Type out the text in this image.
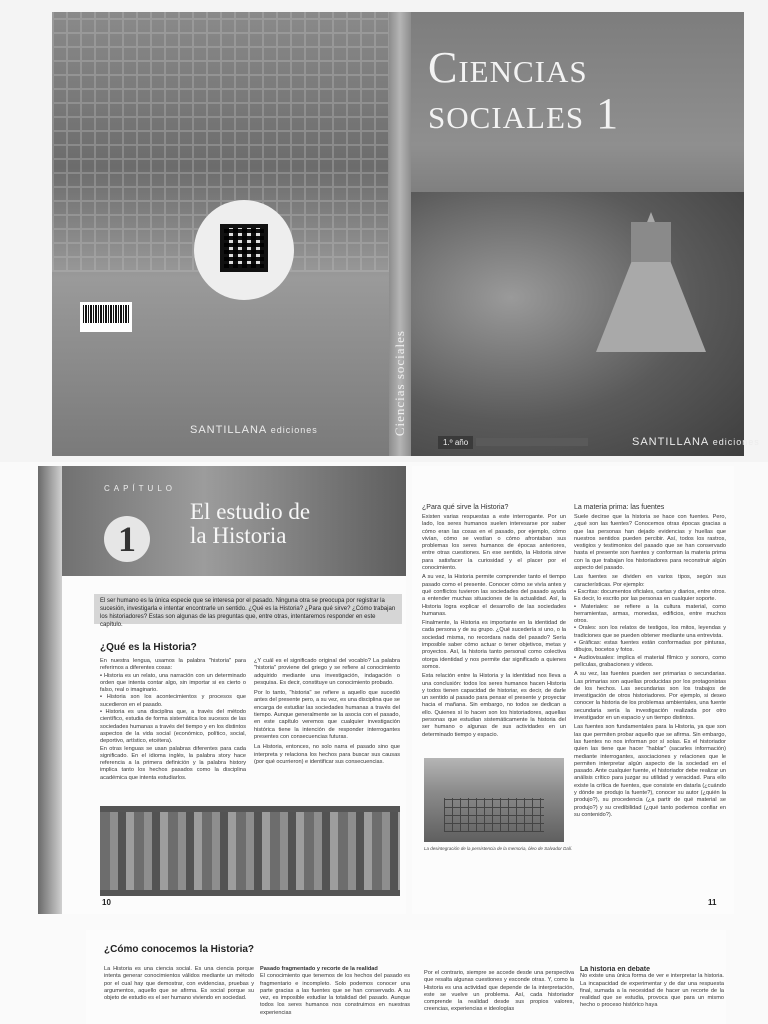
SANTILLANA ediciones	Ciencias sociales
Ciencias
sociales 1
1.º año	SANTILLANA ediciones
CAPÍTULO
1
El estudio de
la Historia
El ser humano es la única especie que se interesa por el pasado. Ninguna otra se preocupa por registrar la sucesión, investigarla e intentar encontrarle un sentido. ¿Qué es la Historia? ¿Para qué sirve? ¿Cómo trabajan los historiadores? Estas son algunas de las preguntas que, entre otras, intentaremos responder en este capítulo.
¿Qué es la Historia?

En nuestra lengua, usamos la palabra "historia" para referirnos a diferentes cosas:

• Historia es un relato, una narración con un determinado orden que intenta contar algo, sin importar si es cierto o falso, real o imaginario.
• Historia son los acontecimientos y procesos que sucedieron en el pasado.
• Historia es una disciplina que, a través del método científico, estudia de forma sistemática los sucesos de las sociedades humanas a través del tiempo y en los distintos aspectos de la vida social (económico, político, social, deportivo, artístico, etcétera).

En otras lenguas se usan palabras diferentes para cada significado. En el idioma inglés, la palabra story hace referencia a la primera definición y la palabra history implica tanto los hechos pasados como la disciplina académica que intenta estudiarlos.

¿Y cuál es el significado original del vocablo? La palabra "historia" proviene del griego y se refiere al conocimiento adquirido mediante una investigación, indagación o pesquisa. Es decir, constituye un conocimiento probado.

Por lo tanto, "historia" se refiere a aquello que sucedió antes del presente pero, a su vez, es una disciplina que se encarga de estudiar las sociedades humanas a través del tiempo. Aunque generalmente se la asocia con el pasado, en este capítulo veremos que cualquier investigación histórica tiene la intención de responder interrogantes presentes con consecuencias futuras.

La Historia, entonces, no solo narra el pasado sino que interpreta y relaciona los hechos para buscar sus causas (por qué ocurrieron) e identificar sus consecuencias.

10
¿Para qué sirve la Historia?

Existen varias respuestas a este interrogante. Por un lado, los seres humanos suelen interesarse por saber cómo eran las cosas en el pasado, por ejemplo, cómo vivían, cómo se vestían o cómo afrontaban sus problemas los seres humanos de épocas anteriores, entre otras cuestiones. En ese sentido, la Historia sirve para satisfacer la curiosidad y el placer por el conocimiento.

A su vez, la Historia permite comprender tanto el tiempo pasado como el presente. Conocer cómo se vivía antes y qué conflictos tuvieron las sociedades del pasado ayuda a entender muchas situaciones de la actualidad. Así, la Historia logra explicar el desarrollo de las sociedades humanas.

Finalmente, la Historia es importante en la identidad de cada persona y de su grupo. ¿Qué sucedería si uno, o la sociedad misma, no recordara nada del pasado? Sería imposible saber cómo actuar o tener objetivos, metas y proyectos. Así, la historia tanto personal como colectiva otorga identidad y nos permite dar significado a quienes somos.

Esta relación entre la Historia y la identidad nos lleva a una conclusión: todos los seres humanos hacen Historia y todos tienen capacidad de historiar, es decir, de darle un sentido al pasado para pensar el presente y proyectar hacia el mañana. Sin embargo, no todos se dedican a ello. Quienes sí lo hacen son los historiadores, aquellas personas que estudian sistemáticamente la historia del ser humano o algunas de sus actividades en un determinado tiempo y espacio.

La desintegración de la persistencia de la memoria, óleo de Salvador Dalí.
La materia prima: las fuentes

Suele decirse que la historia se hace con fuentes. Pero, ¿qué son las fuentes? Conocemos otras épocas gracias a que las personas han dejado evidencias y huellas que nuestros sentidos pueden percibir. Así, todos los rastros, vestigios y testimonios del pasado que se han conservado hasta el presente son fuentes y conforman la materia prima con la que trabajan los historiadores para reconstruir algún aspecto del pasado.

Las fuentes se dividen en varios tipos, según sus características. Por ejemplo:

• Escritas: documentos oficiales, cartas y diarios, entre otros. Es decir, lo escrito por las personas en cualquier soporte.
• Materiales: se refiere a la cultura material, como herramientas, armas, monedas, edificios, entre muchos otros.
• Orales: son los relatos de testigos, los mitos, leyendas y tradiciones que se pueden obtener mediante una entrevista.
• Gráficas: estas fuentes están conformadas por pinturas, dibujos, bocetos y fotos.
• Audiovisuales: implica el material fílmico y sonoro, como películas, grabaciones y videos.

A su vez, las fuentes pueden ser primarias o secundarias. Las primarias son aquellas producidas por los protagonistas de los hechos. Las secundarias son los trabajos de investigación de otros historiadores. Por ejemplo, si deseo conocer la historia de los problemas ambientales, una fuente secundaria sería la investigación realizada por otro investigador en un espacio y un tiempo distintos.

Las fuentes son fundamentales para la Historia, ya que son las que permiten probar aquello que se afirma. Sin embargo, las fuentes no nos informan por sí solas. Es el historiador quien las tiene que hacer "hablar" (sacarles información) mediante interrogantes, asociaciones y relaciones que le permiten interpretar algún aspecto de la sociedad en el pasado. Ante cualquier fuente, el historiador debe realizar un análisis crítico para juzgar su utilidad y veracidad. Para ello existe la crítica de fuentes, que consiste en datarla (¿cuándo y dónde se produjo la fuente?), conocer su autor (¿quién la produjo?), su procedencia (¿a partir de qué material se produjo?) y su credibilidad (¿qué tanto podemos confiar en su contenido?).

11
¿Cómo conocemos la Historia?
La Historia es una ciencia social. Es una ciencia porque intenta generar conocimientos válidos mediante un método por el cual hay que demostrar, con evidencias, pruebas y argumentos, aquello que se afirma. Es social porque su objeto de estudio es el ser humano viviendo en sociedad.

Pasado fragmentado y recorte de la realidad

El conocimiento que tenemos de los hechos del pasado es fragmentario e incompleto. Solo podemos conocer una parte gracias a las fuentes que se han conservado. A su vez, es imposible estudiar la totalidad del pasado. Aunque todos los seres humanos nos construimos en nuestras experiencias

Por el contrario, siempre se accede desde una perspectiva que resalta algunas cuestiones y esconde otras. Y, como la Historia es una actividad que depende de la interpretación, este se vuelve un problema. Así, cada historiador comprende la realidad desde sus propios valores, creencias, experiencias e ideologías

La historia en debate

No existe una única forma de ver e interpretar la historia. La incapacidad de experimentar y de dar una respuesta final, sumada a la necesidad de hacer un recorte de la realidad que se estudia, provoca que para un mismo hecho o proceso histórico haya
